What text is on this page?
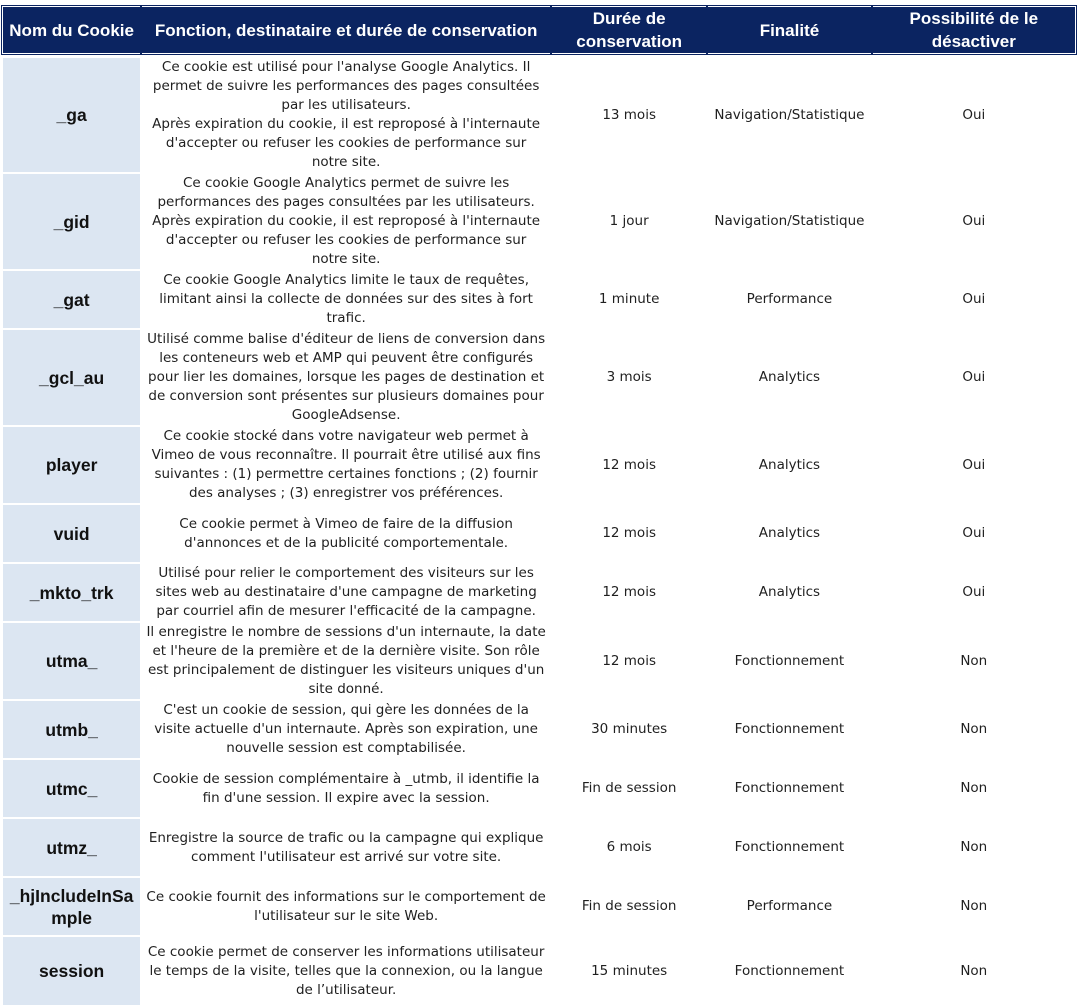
Nom du Cookie	Fonction, destinataire et durée de conservation	Durée de conservation	Finalité	Possibilité de le désactiver

_ga	Ce cookie est utilisé pour l'analyse Google Analytics. Il permet de suivre les performances des pages consultées par les utilisateurs.
Après expiration du cookie, il est reproposé à l'internaute d'accepter ou refuser les cookies de performance sur notre site.	13 mois	Navigation/Statistique	Oui
_gid	Ce cookie Google Analytics permet de suivre les performances des pages consultées par les utilisateurs.
Après expiration du cookie, il est reproposé à l'internaute d'accepter ou refuser les cookies de performance sur notre site.	1 jour	Navigation/Statistique	Oui
_gat	Ce cookie Google Analytics limite le taux de requêtes, limitant ainsi la collecte de données sur des sites à fort trafic.	1 minute	Performance	Oui
_gcl_au	Utilisé comme balise d'éditeur de liens de conversion dans les conteneurs web et AMP qui peuvent être configurés pour lier les domaines, lorsque les pages de destination et de conversion sont présentes sur plusieurs domaines pour GoogleAdsense.	3 mois	Analytics	Oui
player	Ce cookie stocké dans votre navigateur web permet à Vimeo de vous reconnaître. Il pourrait être utilisé aux fins suivantes : (1) permettre certaines fonctions ; (2) fournir des analyses ; (3) enregistrer vos préférences.	12 mois	Analytics	Oui
vuid	Ce cookie permet à Vimeo de faire de la diffusion d'annonces et de la publicité comportementale.	12 mois	Analytics	Oui
_mkto_trk	Utilisé pour relier le comportement des visiteurs sur les sites web au destinataire d'une campagne de marketing par courriel afin de mesurer l'efficacité de la campagne.	12 mois	Analytics	Oui
utma_	Il enregistre le nombre de sessions d'un internaute, la date et l'heure de la première et de la dernière visite. Son rôle est principalement de distinguer les visiteurs uniques d'un site donné.	12 mois	Fonctionnement	Non
utmb_	C'est un cookie de session, qui gère les données de la visite actuelle d'un internaute. Après son expiration, une nouvelle session est comptabilisée.	30 minutes	Fonctionnement	Non
utmc_	Cookie de session complémentaire à _utmb, il identifie la fin d'une session. Il expire avec la session.	Fin de session	Fonctionnement	Non
utmz_	Enregistre la source de trafic ou la campagne qui explique comment l'utilisateur est arrivé sur votre site.	6 mois	Fonctionnement	Non
_hjIncludeInSample	Ce cookie fournit des informations sur le comportement de l'utilisateur sur le site Web.	Fin de session	Performance	Non
session	Ce cookie permet de conserver les informations utilisateur le temps de la visite, telles que la connexion, ou la langue de l’utilisateur.	15 minutes	Fonctionnement	Non
